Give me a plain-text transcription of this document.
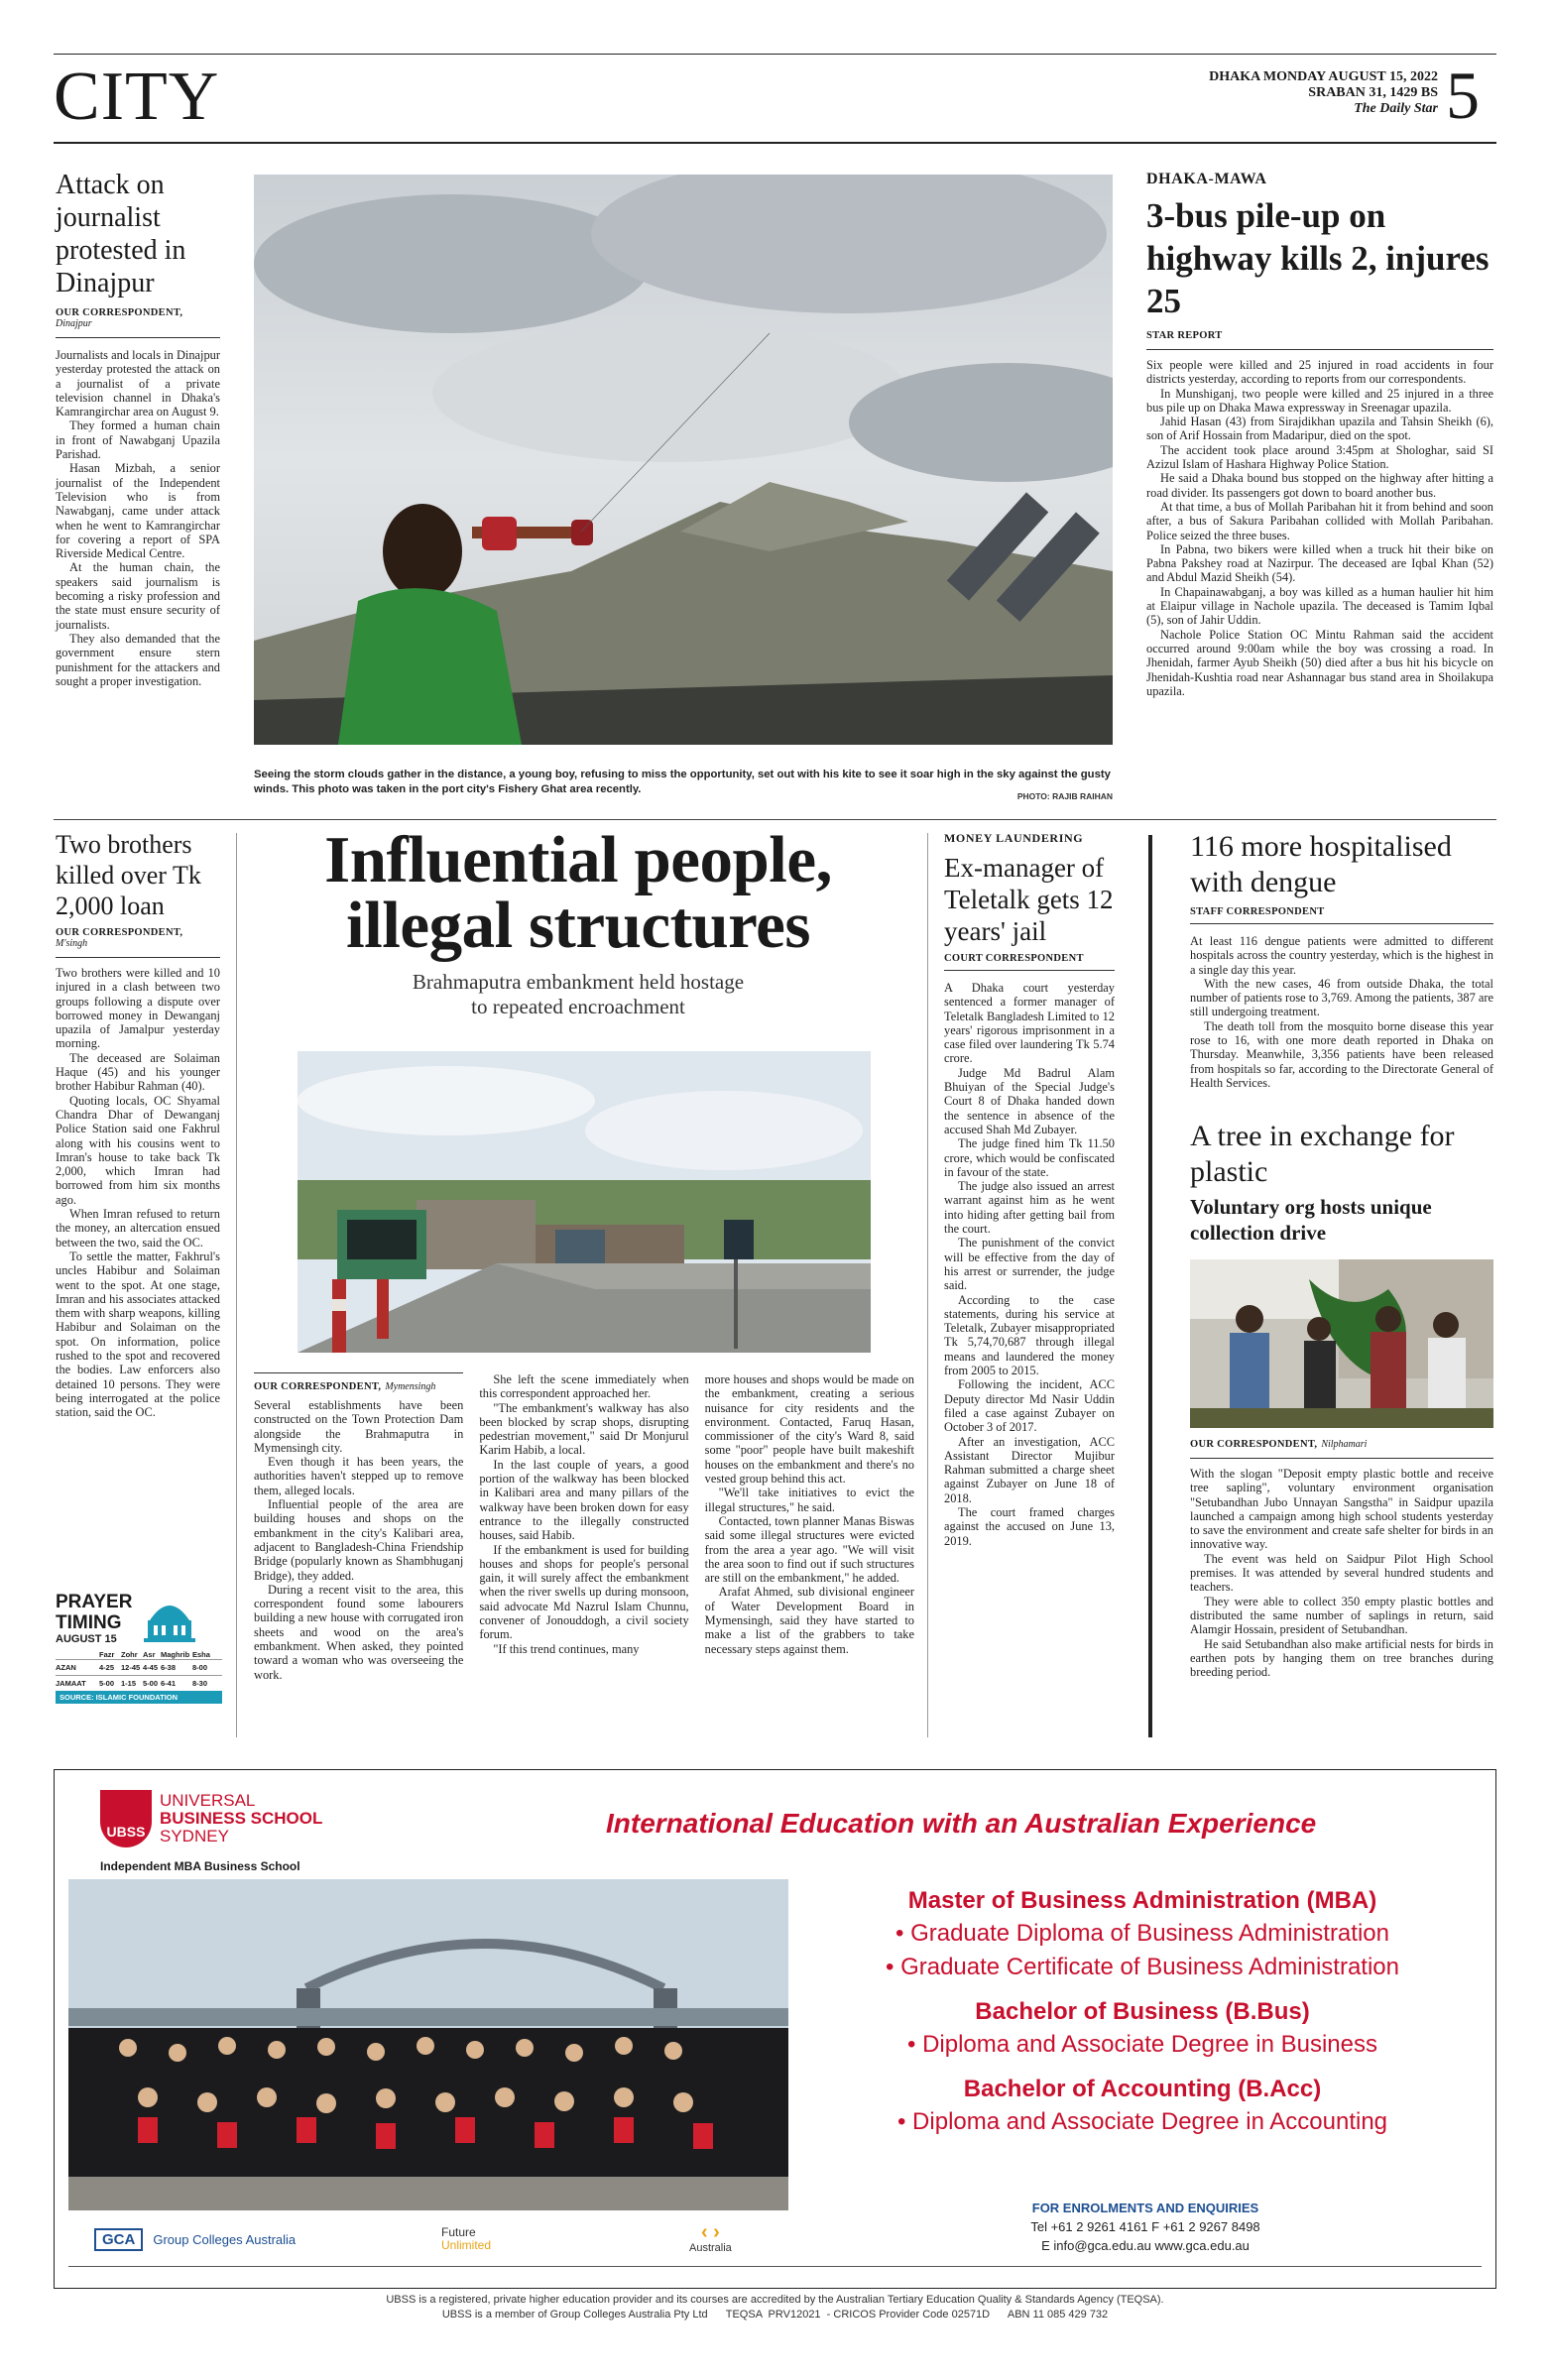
CITY	DHAKA MONDAY AUGUST 15, 2022
SRABAN 31, 1429 BS
The Daily Star 5
Attack on journalist protested in Dinajpur
OUR CORRESPONDENT,
Dinajpur

Journalists and locals in Dinajpur yesterday protested the attack on a journalist of a private television channel in Dhaka's Kamrangirchar area on August 9.

They formed a human chain in front of Nawabganj Upazila Parishad.

Hasan Mizbah, a senior journalist of the Independent Television who is from Nawabganj, came under attack when he went to Kamrangirchar for covering a report of SPA Riverside Medical Centre.

At the human chain, the speakers said journalism is becoming a risky profession and the state must ensure security of journalists.

They also demanded that the government ensure stern punishment for the attackers and sought a proper investigation.

Seeing the storm clouds gather in the distance, a young boy, refusing to miss the opportunity, set out with his kite to see it soar high in the sky against the gusty winds. This photo was taken in the port city's Fishery Ghat area recently.
PHOTO: RAJIB RAIHAN
DHAKA-MAWA
3-bus pile-up on highway kills 2, injures 25
STAR REPORT

Six people were killed and 25 injured in road accidents in four districts yesterday, according to reports from our correspondents.

In Munshiganj, two people were killed and 25 injured in a three bus pile up on Dhaka Mawa expressway in Sreenagar upazila.

Jahid Hasan (43) from Sirajdikhan upazila and Tahsin Sheikh (6), son of Arif Hossain from Madaripur, died on the spot.

The accident took place around 3:45pm at Shologhar, said SI Azizul Islam of Hashara Highway Police Station.

He said a Dhaka bound bus stopped on the highway after hitting a road divider. Its passengers got down to board another bus.

At that time, a bus of Mollah Paribahan hit it from behind and soon after, a bus of Sakura Paribahan collided with Mollah Paribahan. Police seized the three buses.

In Pabna, two bikers were killed when a truck hit their bike on Pabna Pakshey road at Nazirpur. The deceased are Iqbal Khan (52) and Abdul Mazid Sheikh (54).

In Chapainawabganj, a boy was killed as a human haulier hit him at Elaipur village in Nachole upazila. The deceased is Tamim Iqbal (5), son of Jahir Uddin.

Nachole Police Station OC Mintu Rahman said the accident occurred around 9:00am while the boy was crossing a road. In Jhenidah, farmer Ayub Sheikh (50) died after a bus hit his bicycle on Jhenidah-Kushtia road near Ashannagar bus stand area in Shoilakupa upazila.

Two brothers killed over Tk 2,000 loan
OUR CORRESPONDENT,
M'singh

Two brothers were killed and 10 injured in a clash between two groups following a dispute over borrowed money in Dewanganj upazila of Jamalpur yesterday morning.

The deceased are Solaiman Haque (45) and his younger brother Habibur Rahman (40).

Quoting locals, OC Shyamal Chandra Dhar of Dewanganj Police Station said one Fakhrul along with his cousins went to Imran's house to take back Tk 2,000, which Imran had borrowed from him six months ago.

When Imran refused to return the money, an altercation ensued between the two, said the OC.

To settle the matter, Fakhrul's uncles Habibur and Solaiman went to the spot. At one stage, Imran and his associates attacked them with sharp weapons, killing Habibur and Solaiman on the spot. On information, police rushed to the spot and recovered the bodies. Law enforcers also detained 10 persons. They were being interrogated at the police station, said the OC.

PRAYER
TIMING
AUGUST 15
Fazr Zohr Asr Maghrib Esha
AZAN	4-25 12-45 4-45 6-38	8-00
JAMAAT	5-00 1-15 5-00 6-41	8-30
SOURCE: ISLAMIC FOUNDATION
Influential people,
illegal structures
Brahmaputra embankment held hostage
to repeated encroachment
OUR CORRESPONDENT, Mymensingh

Several establishments have been constructed on the Town Protection Dam alongside the Brahmaputra in Mymensingh city.

Even though it has been years, the authorities haven't stepped up to remove them, alleged locals.

Influential people of the area are building houses and shops on the embankment in the city's Kalibari area, adjacent to Bangladesh-China Friendship Bridge (popularly known as Shambhuganj Bridge), they added.

During a recent visit to the area, this correspondent found some labourers building a new house with corrugated iron sheets and wood on the area's embankment. When asked, they pointed toward a woman who was overseeing the work.

She left the scene immediately when this correspondent approached her.

"The embankment's walkway has also been blocked by scrap shops, disrupting pedestrian movement," said Dr Monjurul Karim Habib, a local.

In the last couple of years, a good portion of the walkway has been blocked in Kalibari area and many pillars of the walkway have been broken down for easy entrance to the illegally constructed houses, said Habib.

If the embankment is used for building houses and shops for people's personal gain, it will surely affect the embankment when the river swells up during monsoon, said advocate Md Nazrul Islam Chunnu, convener of Jonouddogh, a civil society forum.

"If this trend continues, many

more houses and shops would be made on the embankment, creating a serious nuisance for city residents and the environment. Contacted, Faruq Hasan, commissioner of the city's Ward 8, said some "poor" people have built makeshift houses on the embankment and there's no vested group behind this act.

"We'll take initiatives to evict the illegal structures," he said.

Contacted, town planner Manas Biswas said some illegal structures were evicted from the area a year ago. "We will visit the area soon to find out if such structures are still on the embankment," he added.

Arafat Ahmed, sub divisional engineer of Water Development Board in Mymensingh, said they have started to make a list of the grabbers to take necessary steps against them.

MONEY LAUNDERING
Ex-manager of Teletalk gets 12 years' jail
COURT CORRESPONDENT

A Dhaka court yesterday sentenced a former manager of Teletalk Bangladesh Limited to 12 years' rigorous imprisonment in a case filed over laundering Tk 5.74 crore.

Judge Md Badrul Alam Bhuiyan of the Special Judge's Court 8 of Dhaka handed down the sentence in absence of the accused Shah Md Zubayer.

The judge fined him Tk 11.50 crore, which would be confiscated in favour of the state.

The judge also issued an arrest warrant against him as he went into hiding after getting bail from the court.

The punishment of the convict will be effective from the day of his arrest or surrender, the judge said.

According to the case statements, during his service at Teletalk, Zubayer misappropriated Tk 5,74,70,687 through illegal means and laundered the money from 2005 to 2015.

Following the incident, ACC Deputy director Md Nasir Uddin filed a case against Zubayer on October 3 of 2017.

After an investigation, ACC Assistant Director Mujibur Rahman submitted a charge sheet against Zubayer on June 18 of 2018.

The court framed charges against the accused on June 13, 2019.

116 more hospitalised with dengue
STAFF CORRESPONDENT

At least 116 dengue patients were admitted to different hospitals across the country yesterday, which is the highest in a single day this year.

With the new cases, 46 from outside Dhaka, the total number of patients rose to 3,769. Among the patients, 387 are still undergoing treatment.

The death toll from the mosquito borne disease this year rose to 16, with one more death reported in Dhaka on Thursday. Meanwhile, 3,356 patients have been released from hospitals so far, according to the Directorate General of Health Services.

A tree in exchange for plastic
Voluntary org hosts unique collection drive
OUR CORRESPONDENT, Nilphamari

With the slogan "Deposit empty plastic bottle and receive tree sapling", voluntary environment organisation "Setubandhan Jubo Unnayan Sangstha" in Saidpur upazila launched a campaign among high school students yesterday to save the environment and create safe shelter for birds in an innovative way.

The event was held on Saidpur Pilot High School premises. It was attended by several hundred students and teachers.

They were able to collect 350 empty plastic bottles and distributed the same number of saplings in return, said Alamgir Hossain, president of Setubandhan.

He said Setubandhan also make artificial nests for birds in earthen pots by hanging them on tree branches during breeding period.

UBSS
UNIVERSAL
BUSINESS SCHOOL
SYDNEY
Independent MBA Business School
International Education with an Australian Experience
Master of Business Administration (MBA)
• Graduate Diploma of Business Administration
• Graduate Certificate of Business Administration
Bachelor of Business (B.Bus)
• Diploma and Associate Degree in Business
Bachelor of Accounting (B.Acc)
• Diploma and Associate Degree in Accounting
FOR ENROLMENTS AND ENQUIRIES
Tel +61 2 9261 4161 F +61 2 9267 8498
E info@gca.edu.au www.gca.edu.au
GCA	Group Colleges Australia	Future
Unlimited
‹ ›
Australia
UBSS is a registered, private higher education provider and its courses are accredited by the Australian Tertiary Education Quality & Standards Agency (TEQSA).
UBSS is a member of Group Colleges Australia Pty Ltd      TEQSA  PRV12021  - CRICOS Provider Code 02571D      ABN 11 085 429 732
